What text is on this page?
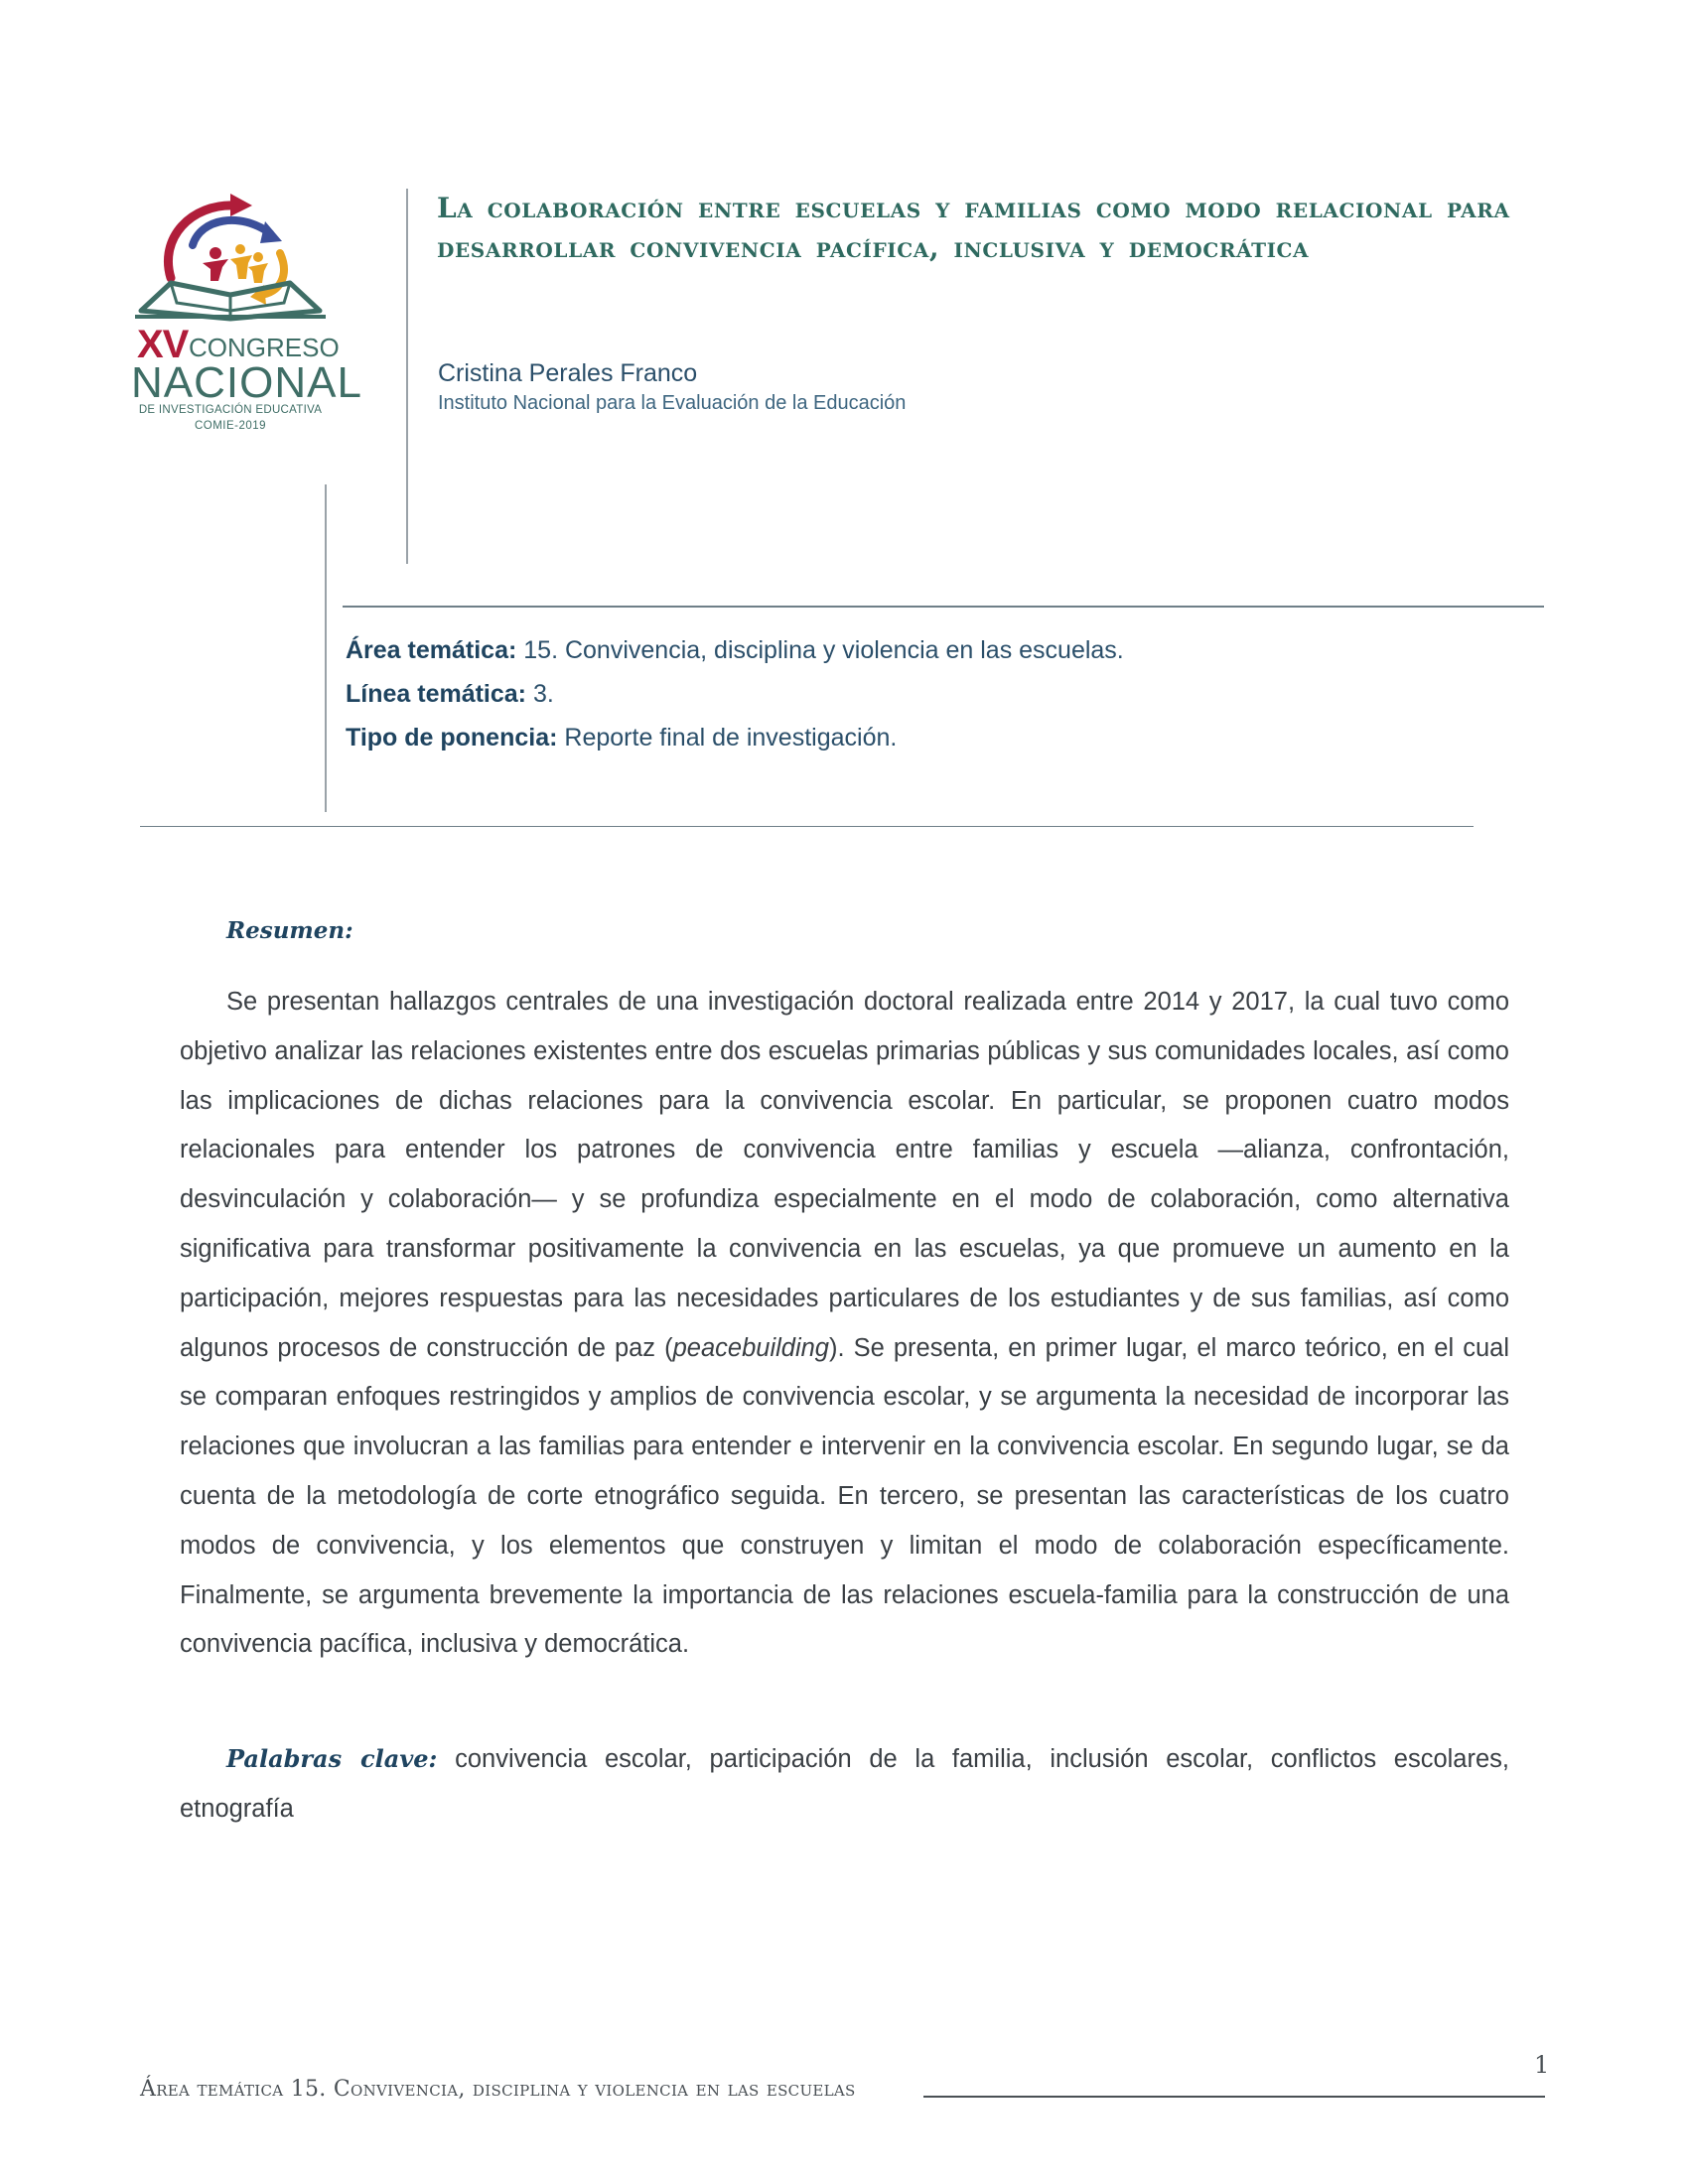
XV CONGRESO
NACIONAL
DE INVESTIGACIÓN EDUCATIVA
COMIE-2019
La colaboración entre escuelas y familias como modo relacional para desarrollar convivencia pacífica, inclusiva y democrática

Cristina Perales Franco

Instituto Nacional para la Evaluación de la Educación

Área temática: 15. Convivencia, disciplina y violencia en las escuelas.
Línea temática: 3.
Tipo de ponencia: Reporte final de investigación.
Resumen:

Se presentan hallazgos centrales de una investigación doctoral realizada entre 2014 y 2017, la cual tuvo como objetivo analizar las relaciones existentes entre dos escuelas primarias públicas y sus comunidades locales, así como las implicaciones de dichas relaciones para la convivencia escolar. En particular, se proponen cuatro modos relacionales para entender los patrones de convivencia entre familias y escuela —alianza, confrontación, desvinculación y colaboración— y se profundiza especialmente en el modo de colaboración, como alternativa significativa para transformar positivamente la convivencia en las escuelas, ya que promueve un aumento en la participación, mejores respuestas para las necesidades particulares de los estudiantes y de sus familias, así como algunos procesos de construcción de paz (peacebuilding). Se presenta, en primer lugar, el marco teórico, en el cual se comparan enfoques restringidos y amplios de convivencia escolar, y se argumenta la necesidad de incorporar las relaciones que involucran a las familias para entender e intervenir en la convivencia escolar. En segundo lugar, se da cuenta de la metodología de corte etnográfico seguida. En tercero, se presentan las características de los cuatro modos de convivencia, y los elementos que construyen y limitan el modo de colaboración específicamente. Finalmente, se argumenta brevemente la importancia de las relaciones escuela-familia para la construcción de una convivencia pacífica, inclusiva y democrática.

Palabras clave: convivencia escolar, participación de la familia, inclusión escolar, conflictos escolares, etnografía

Área temática 15. Convivencia, disciplina y violencia en las escuelas
1
